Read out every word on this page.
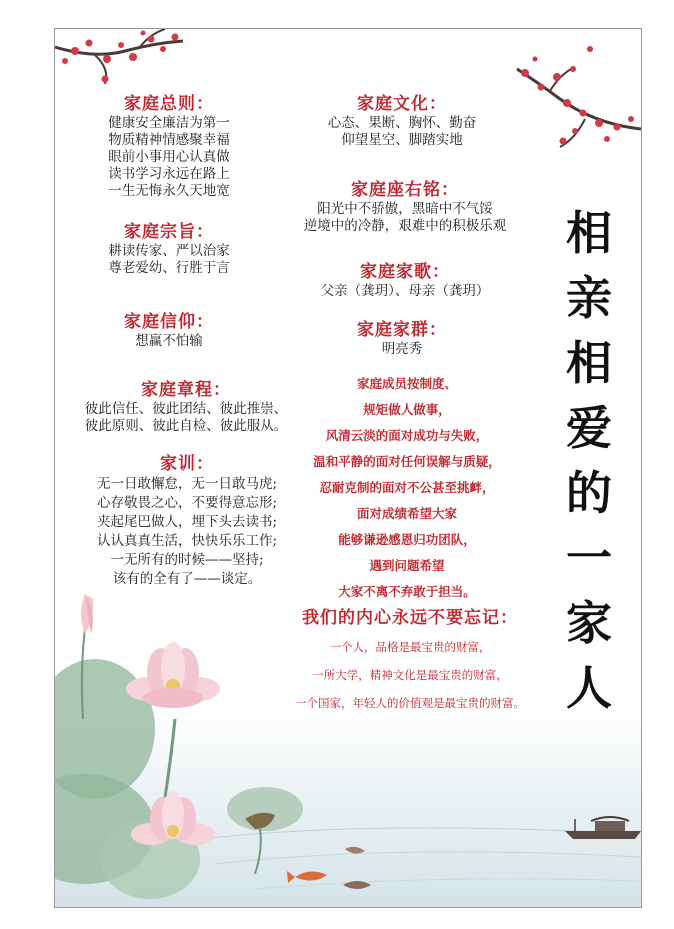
家庭总则：
健康安全廉洁为第一
物质精神情感聚幸福
眼前小事用心认真做
读书学习永远在路上
一生无悔永久天地宽
家庭宗旨：
耕读传家、严以治家
尊老爱幼、行胜于言
家庭信仰：
想赢不怕输
家庭章程：
彼此信任、彼此团结、彼此推崇、
彼此原则、彼此自检、彼此服从。
家训：
无一日敢懈怠，无一日敢马虎;
心存敬畏之心，不要得意忘形;
夹起尾巴做人，埋下头去读书;
认认真真生活，快快乐乐工作;
一无所有的时候——坚持;
该有的全有了——谈定。
家庭文化：
心态、果断、胸怀、勤奋
仰望星空、脚踏实地
家庭座右铭：
阳光中不骄傲，黑暗中不气馁
逆境中的冷静，艰难中的积极乐观
家庭家歌：
父亲（龚玥）、母亲（龚玥）
家庭家群：
明亮秀
家庭成员按制度、
规矩做人做事，
风清云淡的面对成功与失败，
温和平静的面对任何误解与质疑，
忍耐克制的面对不公甚至挑衅，
面对成绩希望大家
能够谦逊感恩归功团队，
遇到问题希望
大家不离不弃敢于担当。
我们的内心永远不要忘记：
一个人，品格是最宝贵的财富，
一所大学，精神文化是最宝贵的财富，
一个国家，年轻人的价值观是最宝贵的财富。
相
亲
相
爱
的
一
家
人
